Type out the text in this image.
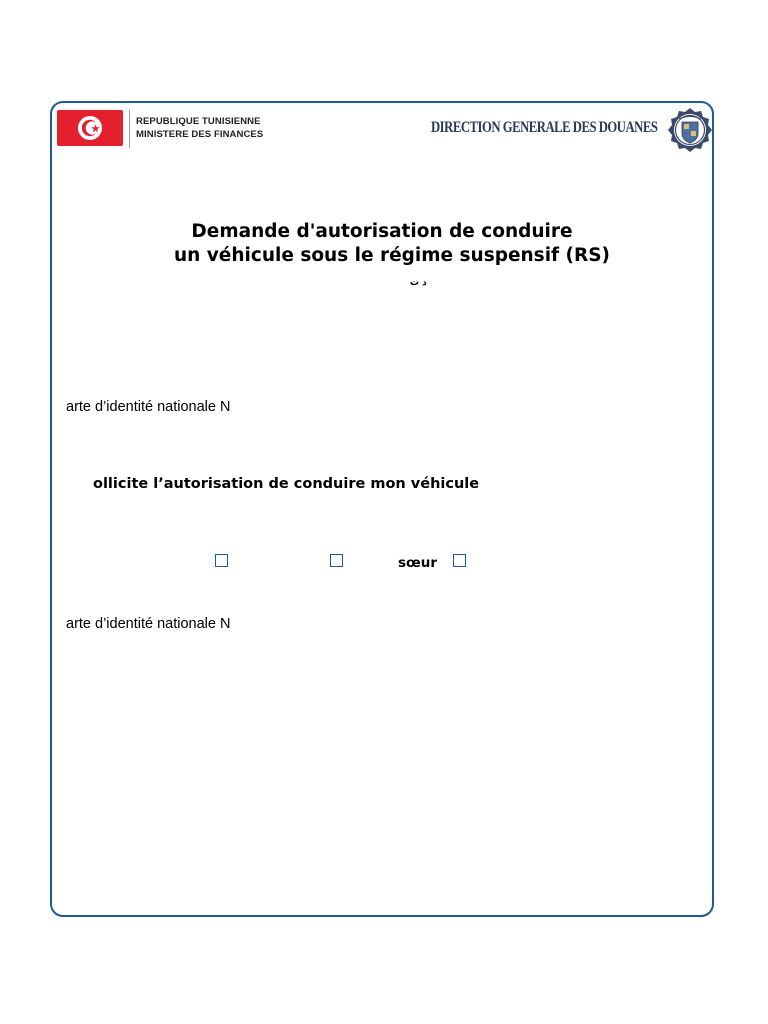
REPUBLIQUE TUNISIENNE
MINISTERE DES FINANCES	DIRECTION GENERALE DES DOUANES
Demande d'autorisation de conduire
un véhicule sous le régime suspensif (RS)
د ت
arte d’identité nationale N
ollicite l’autorisation de conduire mon véhicule
sœur
arte d’identité nationale N
